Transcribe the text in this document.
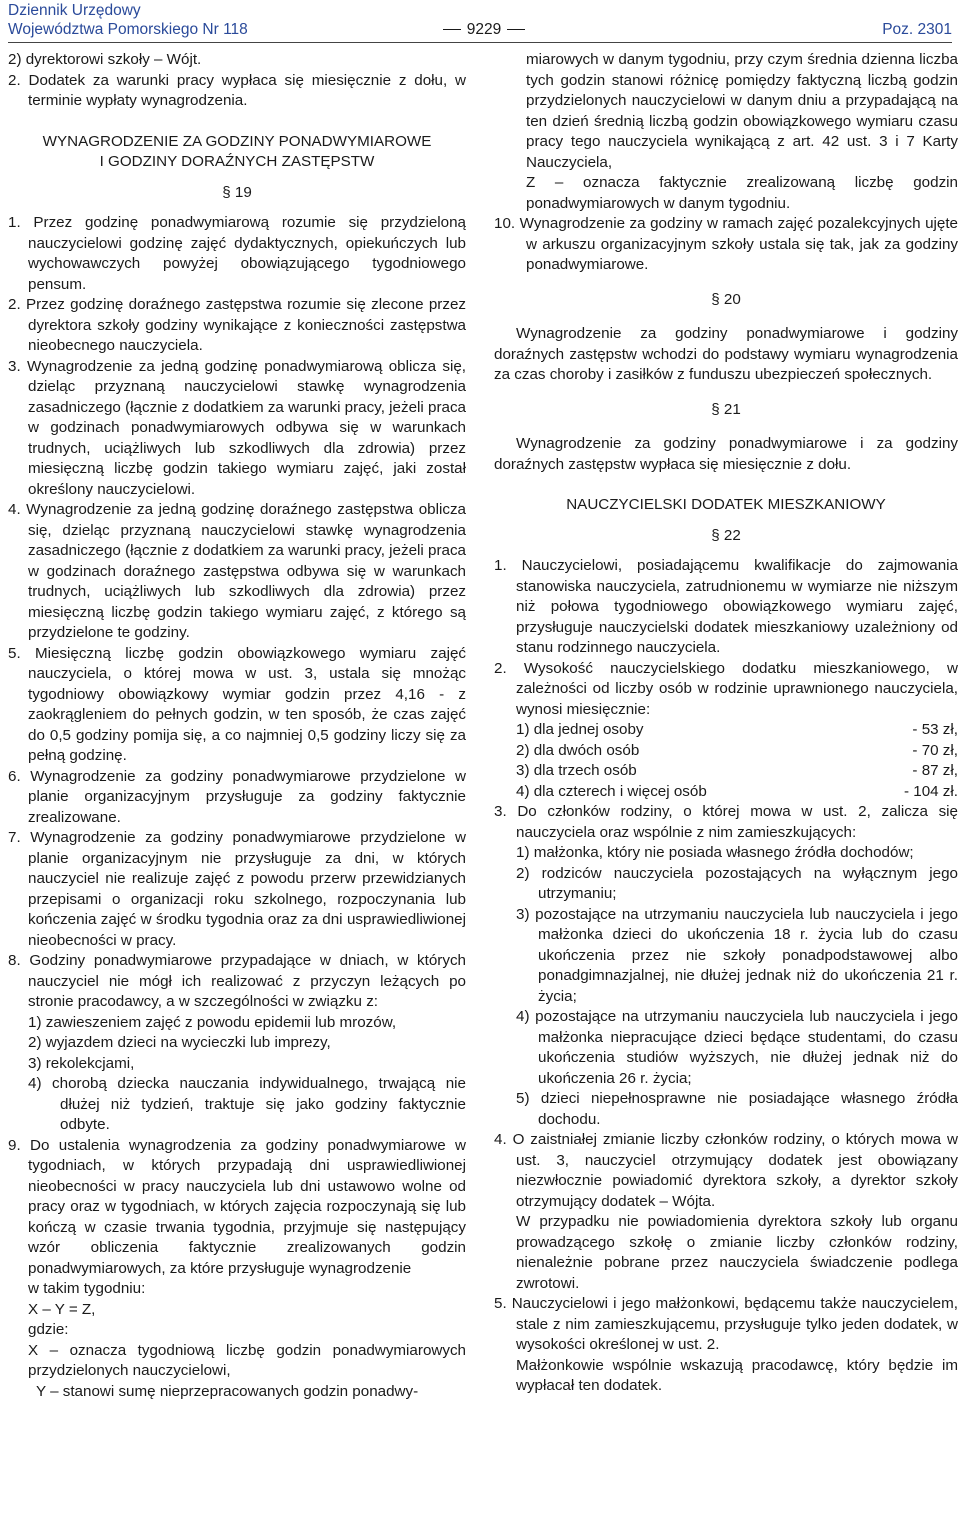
Dziennik Urzędowy
Województwa Pomorskiego Nr 118	9229	Poz. 2301

2) dyrektorowi szkoły – Wójt.

2. Dodatek za warunki pracy wypłaca się miesięcznie z dołu, w terminie wypłaty wynagrodzenia.

WYNAGRODZENIE ZA GODZINY PONADWYMIAROWE

I GODZINY DORAŹNYCH ZASTĘPSTW

§ 19

1. Przez godzinę ponadwymiarową rozumie się przydzieloną nauczycielowi godzinę zajęć dydaktycznych, opiekuńczych lub wychowawczych powyżej obowiązującego tygodniowego pensum.

2. Przez godzinę doraźnego zastępstwa rozumie się zlecone przez dyrektora szkoły godziny wynikające z konieczności zastępstwa nieobecnego nauczyciela.

3. Wynagrodzenie za jedną godzinę ponadwymiarową oblicza się, dzieląc przyznaną nauczycielowi stawkę wynagrodzenia zasadniczego (łącznie z dodatkiem za warunki pracy, jeżeli praca w godzinach ponadwymiarowych odbywa się w warunkach trudnych, uciążliwych lub szkodliwych dla zdrowia) przez miesięczną liczbę godzin takiego wymiaru zajęć, jaki został określony nauczycielowi.

4. Wynagrodzenie za jedną godzinę doraźnego zastępstwa oblicza się, dzieląc przyznaną nauczycielowi stawkę wynagrodzenia zasadniczego (łącznie z dodatkiem za warunki pracy, jeżeli praca w godzinach doraźnego zastępstwa odbywa się w warunkach trudnych, uciążliwych lub szkodliwych dla zdrowia) przez miesięczną liczbę godzin takiego wymiaru zajęć, z którego są przydzielone te godziny.

5. Miesięczną liczbę godzin obowiązkowego wymiaru zajęć nauczyciela, o której mowa w ust. 3, ustala się mnożąc tygodniowy obowiązkowy wymiar godzin przez 4,16 - z zaokrągleniem do pełnych godzin, w ten sposób, że czas zajęć do 0,5 godziny pomija się, a co najmniej 0,5 godziny liczy się za pełną godzinę.

6. Wynagrodzenie za godziny ponadwymiarowe przydzielone w planie organizacyjnym przysługuje za godziny faktycznie zrealizowane.

7. Wynagrodzenie za godziny ponadwymiarowe przydzielone w planie organizacyjnym nie przysługuje za dni, w których nauczyciel nie realizuje zajęć z powodu przerw przewidzianych przepisami o organizacji roku szkolnego, rozpoczynania lub kończenia zajęć w środku tygodnia oraz za dni usprawiedliwionej nieobecności w pracy.

8. Godziny ponadwymiarowe przypadające w dniach, w których nauczyciel nie mógł ich realizować z przyczyn leżących po stronie pracodawcy, a w szczególności w związku z:

1) zawieszeniem zajęć z powodu epidemii lub mrozów,

2) wyjazdem dzieci na wycieczki lub imprezy,

3) rekolekcjami,

4) chorobą dziecka nauczania indywidualnego, trwającą nie dłużej niż tydzień, traktuje się jako godziny faktycznie odbyte.

9. Do ustalenia wynagrodzenia za godziny ponadwymiarowe w tygodniach, w których przypadają dni usprawiedliwionej nieobecności w pracy nauczyciela lub dni ustawowo wolne od pracy oraz w tygodniach, w których zajęcia rozpoczynają się lub kończą w czasie trwania tygodnia, przyjmuje się następujący wzór obliczenia faktycznie zrealizowanych godzin ponadwymiarowych, za które przysługuje wynagrodzenie

w takim tygodniu:

X – Y = Z,

gdzie:

X – oznacza tygodniową liczbę godzin ponadwymiarowych przydzielonych nauczycielowi,

Y – stanowi sumę nieprzepracowanych godzin ponadwy-

miarowych w danym tygodniu, przy czym średnia dzienna liczba tych godzin stanowi różnicę pomiędzy faktyczną liczbą godzin przydzielonych nauczycielowi w danym dniu a przypadającą na ten dzień średnią liczbą godzin obowiązkowego wymiaru czasu pracy tego nauczyciela wynikającą z art. 42 ust. 3 i 7 Karty Nauczyciela,

Z – oznacza faktycznie zrealizowaną liczbę godzin ponadwymiarowych w danym tygodniu.

10. Wynagrodzenie za godziny w ramach zajęć pozalekcyjnych ujęte w arkuszu organizacyjnym szkoły ustala się tak, jak za godziny ponadwymiarowe.

§ 20

Wynagrodzenie za godziny ponadwymiarowe i godziny doraźnych zastępstw wchodzi do podstawy wymiaru wynagrodzenia za czas choroby i zasiłków z funduszu ubezpieczeń społecznych.

§ 21

Wynagrodzenie za godziny ponadwymiarowe i za godziny doraźnych zastępstw wypłaca się miesięcznie z dołu.

NAUCZYCIELSKI DODATEK MIESZKANIOWY

§ 22

1. Nauczycielowi, posiadającemu kwalifikacje do zajmowania stanowiska nauczyciela, zatrudnionemu w wymiarze nie niższym niż połowa tygodniowego obowiązkowego wymiaru zajęć, przysługuje nauczycielski dodatek mieszkaniowy uzależniony od stanu rodzinnego nauczyciela.

2. Wysokość nauczycielskiego dodatku mieszkaniowego, w zależności od liczby osób w rodzinie uprawnionego nauczyciela, wynosi miesięcznie:

1) dla jednej osoby	- 53 zł,
2) dla dwóch osób	- 70 zł,
3) dla trzech osób	- 87 zł,
4) dla czterech i więcej osób	- 104 zł.

3. Do członków rodziny, o której mowa w ust. 2, zalicza się nauczyciela oraz wspólnie z nim zamieszkujących:

1) małżonka, który nie posiada własnego źródła dochodów;

2) rodziców nauczyciela pozostających na wyłącznym jego utrzymaniu;

3) pozostające na utrzymaniu nauczyciela lub nauczyciela i jego małżonka dzieci do ukończenia 18 r. życia lub do czasu ukończenia przez nie szkoły ponadpodstawowej albo ponadgimnazjalnej, nie dłużej jednak niż do ukończenia 21 r. życia;

4) pozostające na utrzymaniu nauczyciela lub nauczyciela i jego małżonka niepracujące dzieci będące studentami, do czasu ukończenia studiów wyższych, nie dłużej jednak niż do ukończenia 26 r. życia;

5) dzieci niepełnosprawne nie posiadające własnego źródła dochodu.

4. O zaistniałej zmianie liczby członków rodziny, o których mowa w ust. 3, nauczyciel otrzymujący dodatek jest obowiązany niezwłocznie powiadomić dyrektora szkoły, a dyrektor szkoły otrzymujący dodatek – Wójta.

W przypadku nie powiadomienia dyrektora szkoły lub organu prowadzącego szkołę o zmianie liczby członków rodziny, nienależnie pobrane przez nauczyciela świadczenie podlega zwrotowi.

5. Nauczycielowi i jego małżonkowi, będącemu także nauczycielem, stale z nim zamieszkującemu, przysługuje tylko jeden dodatek, w wysokości określonej w ust. 2.

Małżonkowie wspólnie wskazują pracodawcę, który będzie im wypłacał ten dodatek.
